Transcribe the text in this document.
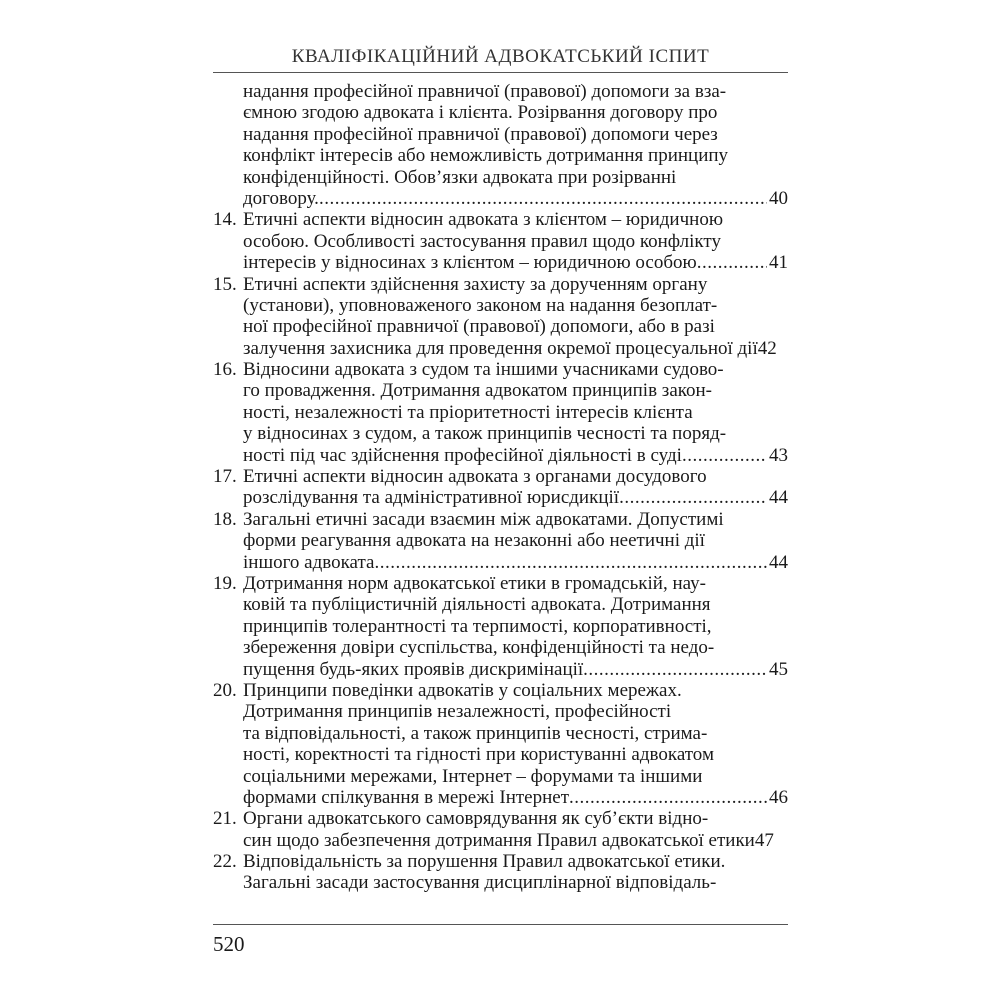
КВАЛІФІКАЦІЙНИЙ АДВОКАТСЬКИЙ ІСПИТ
надання професійної правничої (правової) допомоги за вза-
ємною згодою адвоката і клієнта. Розірвання договору про
надання професійної правничої (правової) допомоги через
конфлікт інтересів або неможливість дотримання принципу
конфіденційності. Обов’язки адвоката при розірванні
договору. .....	40
14. Етичні аспекти відносин адвоката з клієнтом – юридичною
особою. Особливості застосування правил щодо конфлікту
інтересів у відносинах з клієнтом – юридичною особою .....	41
15. Етичні аспекти здійснення захисту за дорученням органу
(установи), уповноваженого законом на надання безоплат-
ної професійної правничої (правової) допомоги, або в разі
залучення захисника для проведення окремої процесуальної дії42
16. Відносини адвоката з судом та іншими учасниками судово-
го провадження. Дотримання адвокатом принципів закон-
ності, незалежності та пріоритетності інтересів клієнта
у відносинах з судом, а також принципів чесності та поряд-
ності під час здійснення професійної діяльності в суді .....	43
17. Етичні аспекти відносин адвоката з органами досудового
розслідування та адміністративної юрисдикції .....	44
18. Загальні етичні засади взаємин між адвокатами. Допустимі
форми реагування адвоката на незаконні або неетичні дії
іншого адвоката .....	44
19. Дотримання норм адвокатської етики в громадській, нау-
ковій та публіцистичній діяльності адвоката. Дотримання
принципів толерантності та терпимості, корпоративності,
збереження довіри суспільства, конфіденційності та недо-
пущення будь-яких проявів дискримінації .....	45
20. Принципи поведінки адвокатів у соціальних мережах.
Дотримання принципів незалежності, професійності
та відповідальності, а також принципів чесності, стрима-
ності, коректності та гідності при користуванні адвокатом
соціальними мережами, Інтернет – форумами та іншими
формами спілкування в мережі Інтернет .....	46
21. Органи адвокатського самоврядування як суб’єкти відно-
син щодо забезпечення дотримання Правил адвокатської етики47
22. Відповідальність за порушення Правил адвокатської етики.
Загальні засади застосування дисциплінарної відповідаль-
520
